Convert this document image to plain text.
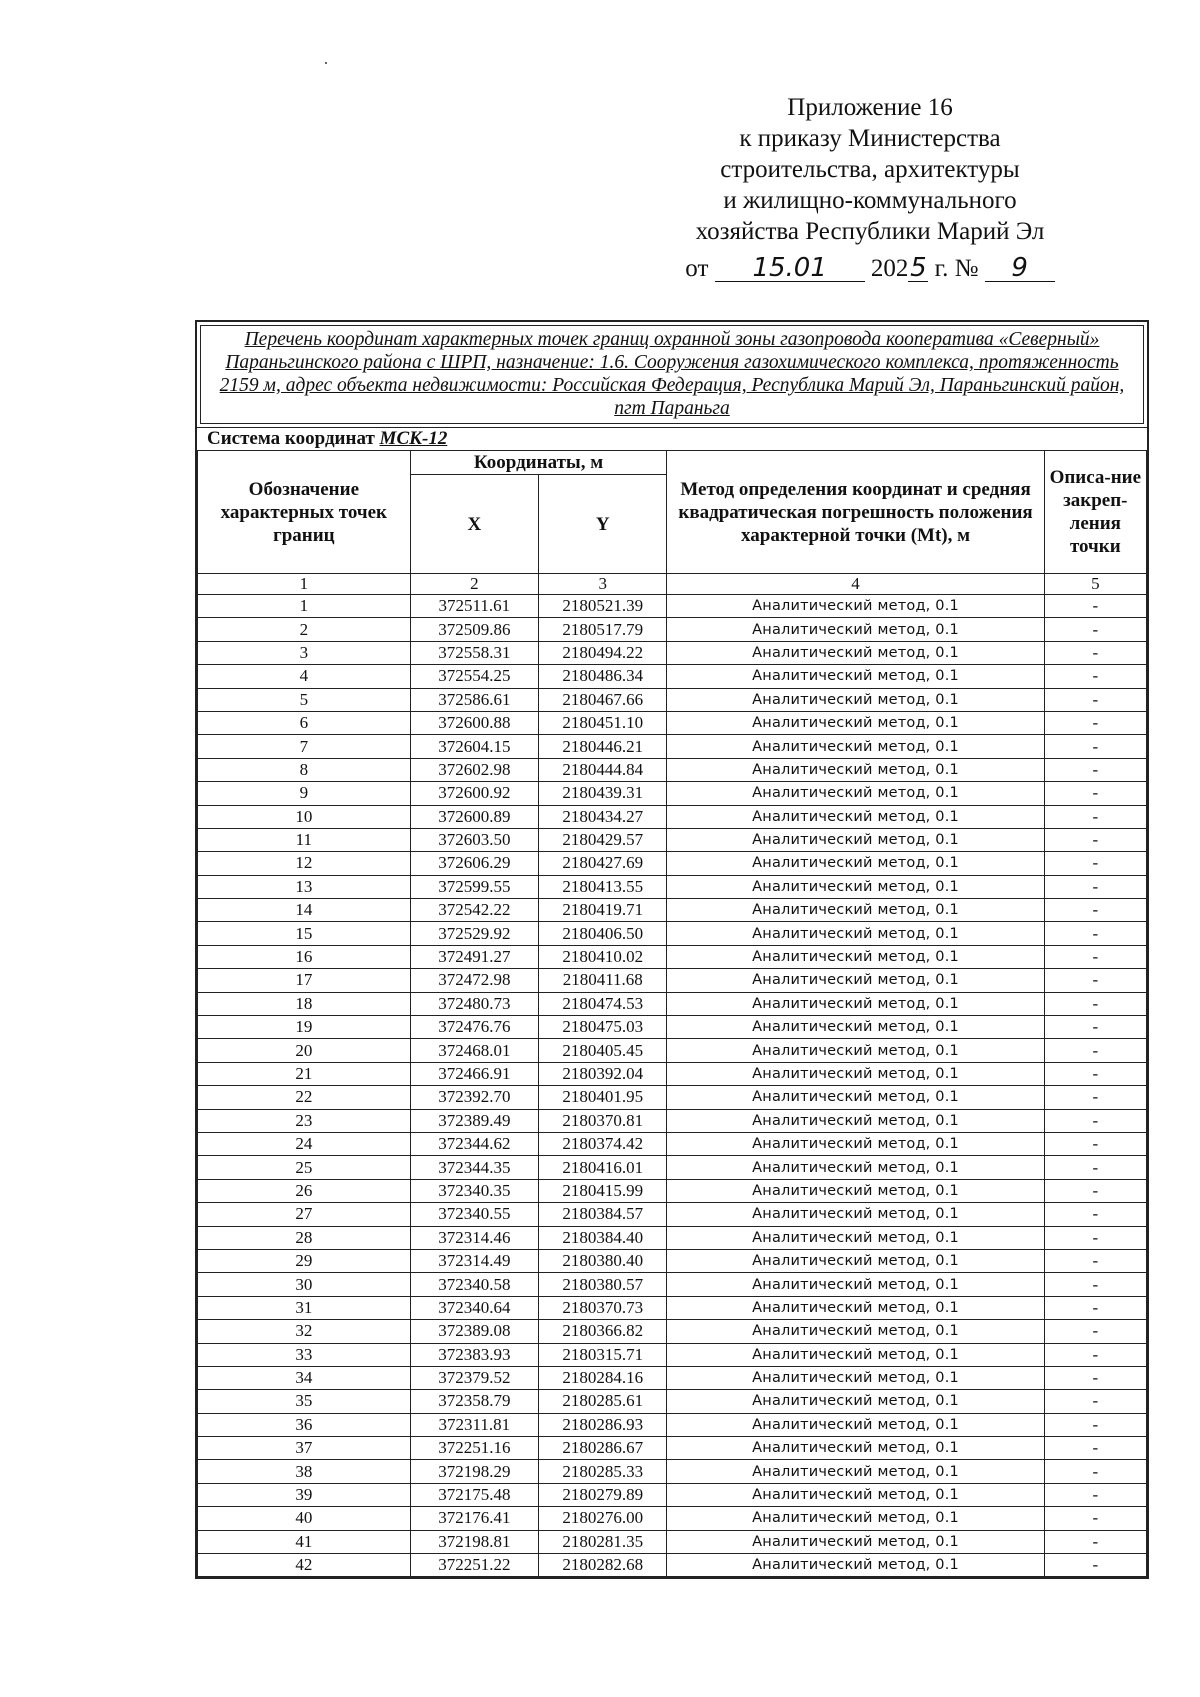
Приложение 16
к приказу Министерства
строительства, архитектуры
и жилищно-коммунального
хозяйства Республики Марий Эл
от 15.01 2025 г. № 9
Перечень координат характерных точек границ охранной зоны газопровода кооператива «Северный» Параньгинского района с ШРП, назначение: 1.6. Сооружения газохимического комплекса, протяженность 2159 м, адрес объекта недвижимости: Российская Федерация, Республика Марий Эл, Параньгинский район, пгт Параньга
Система координат МСК-12
Обозначение характерных точек границ	Координаты, м		Метод определения координат и средняя квадратическая погрешность положения характерной точки (Mt), м	Описа-ние закреп-ления точки
	X	Y		
1	2	3	4	5
1	372511.61	2180521.39	Аналитический метод, 0.1	-
2	372509.86	2180517.79	Аналитический метод, 0.1	-
3	372558.31	2180494.22	Аналитический метод, 0.1	-
4	372554.25	2180486.34	Аналитический метод, 0.1	-
5	372586.61	2180467.66	Аналитический метод, 0.1	-
6	372600.88	2180451.10	Аналитический метод, 0.1	-
7	372604.15	2180446.21	Аналитический метод, 0.1	-
8	372602.98	2180444.84	Аналитический метод, 0.1	-
9	372600.92	2180439.31	Аналитический метод, 0.1	-
10	372600.89	2180434.27	Аналитический метод, 0.1	-
11	372603.50	2180429.57	Аналитический метод, 0.1	-
12	372606.29	2180427.69	Аналитический метод, 0.1	-
13	372599.55	2180413.55	Аналитический метод, 0.1	-
14	372542.22	2180419.71	Аналитический метод, 0.1	-
15	372529.92	2180406.50	Аналитический метод, 0.1	-
16	372491.27	2180410.02	Аналитический метод, 0.1	-
17	372472.98	2180411.68	Аналитический метод, 0.1	-
18	372480.73	2180474.53	Аналитический метод, 0.1	-
19	372476.76	2180475.03	Аналитический метод, 0.1	-
20	372468.01	2180405.45	Аналитический метод, 0.1	-
21	372466.91	2180392.04	Аналитический метод, 0.1	-
22	372392.70	2180401.95	Аналитический метод, 0.1	-
23	372389.49	2180370.81	Аналитический метод, 0.1	-
24	372344.62	2180374.42	Аналитический метод, 0.1	-
25	372344.35	2180416.01	Аналитический метод, 0.1	-
26	372340.35	2180415.99	Аналитический метод, 0.1	-
27	372340.55	2180384.57	Аналитический метод, 0.1	-
28	372314.46	2180384.40	Аналитический метод, 0.1	-
29	372314.49	2180380.40	Аналитический метод, 0.1	-
30	372340.58	2180380.57	Аналитический метод, 0.1	-
31	372340.64	2180370.73	Аналитический метод, 0.1	-
32	372389.08	2180366.82	Аналитический метод, 0.1	-
33	372383.93	2180315.71	Аналитический метод, 0.1	-
34	372379.52	2180284.16	Аналитический метод, 0.1	-
35	372358.79	2180285.61	Аналитический метод, 0.1	-
36	372311.81	2180286.93	Аналитический метод, 0.1	-
37	372251.16	2180286.67	Аналитический метод, 0.1	-
38	372198.29	2180285.33	Аналитический метод, 0.1	-
39	372175.48	2180279.89	Аналитический метод, 0.1	-
40	372176.41	2180276.00	Аналитический метод, 0.1	-
41	372198.81	2180281.35	Аналитический метод, 0.1	-
42	372251.22	2180282.68	Аналитический метод, 0.1	-
